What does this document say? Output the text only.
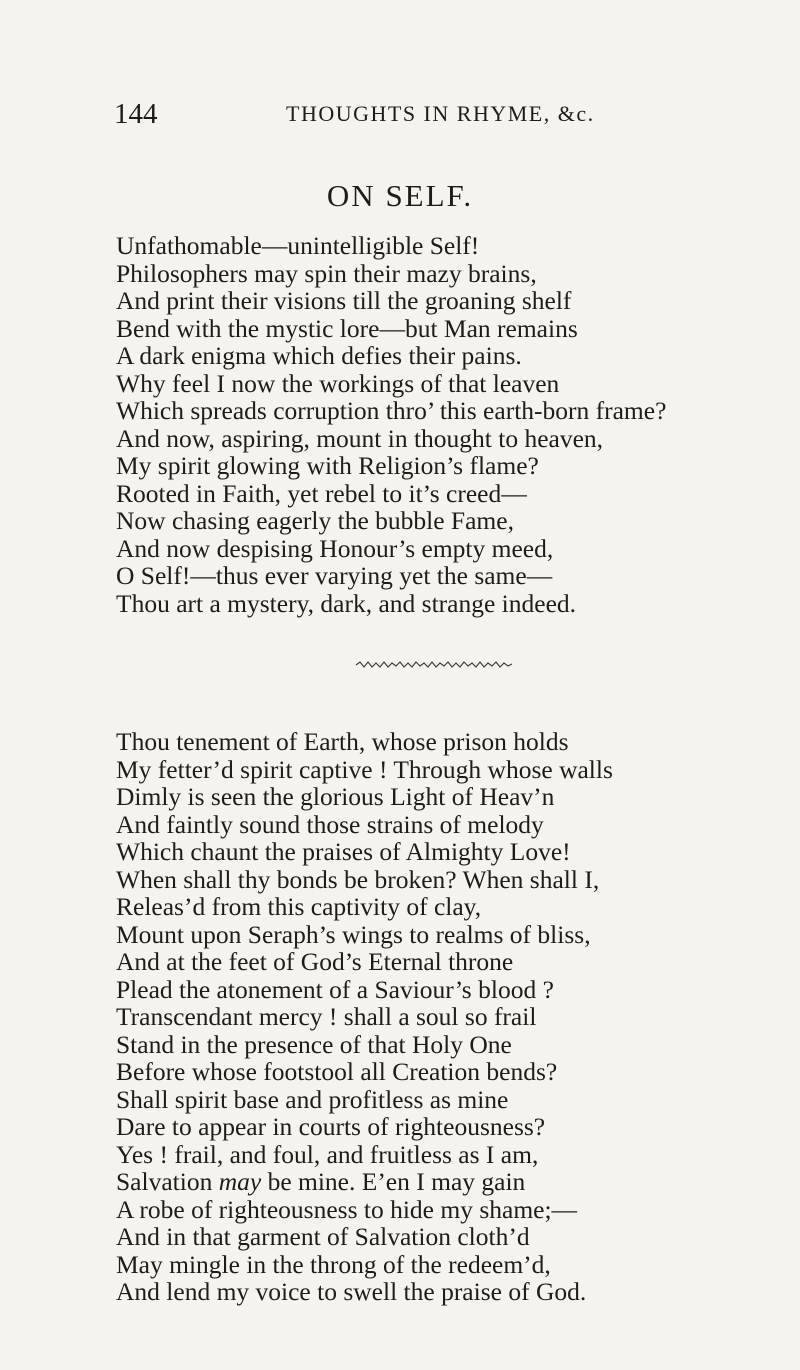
144	THOUGHTS IN RHYME, &c.
ON SELF.
Unfathomable—unintelligible Self!
Philosophers may spin their mazy brains,
And print their visions till the groaning shelf
Bend with the mystic lore—but Man remains
A dark enigma which defies their pains.
Why feel I now the workings of that leaven
Which spreads corruption thro’ this earth-born frame?
And now, aspiring, mount in thought to heaven,
My spirit glowing with Religion’s flame?
Rooted in Faith, yet rebel to it’s creed—
Now chasing eagerly the bubble Fame,
And now despising Honour’s empty meed,
O Self!—thus ever varying yet the same—
Thou art a mystery, dark, and strange indeed.
Thou tenement of Earth, whose prison holds
My fetter’d spirit captive ! Through whose walls
Dimly is seen the glorious Light of Heav’n
And faintly sound those strains of melody
Which chaunt the praises of Almighty Love!
When shall thy bonds be broken? When shall I,
Releas’d from this captivity of clay,
Mount upon Seraph’s wings to realms of bliss,
And at the feet of God’s Eternal throne
Plead the atonement of a Saviour’s blood ?
Transcendant mercy ! shall a soul so frail
Stand in the presence of that Holy One
Before whose footstool all Creation bends?
Shall spirit base and profitless as mine
Dare to appear in courts of righteousness?
Yes ! frail, and foul, and fruitless as I am,
Salvation may be mine. E’en I may gain
A robe of righteousness to hide my shame;—
And in that garment of Salvation cloth’d
May mingle in the throng of the redeem’d,
And lend my voice to swell the praise of God.
